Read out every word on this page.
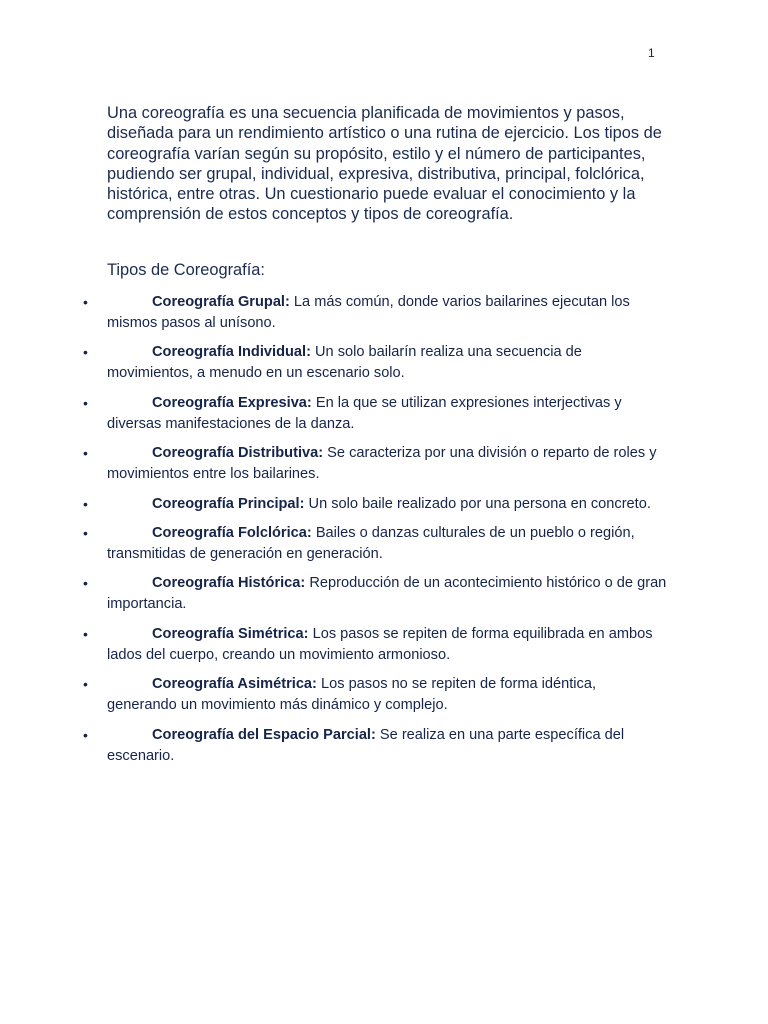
1

Una coreografía es una secuencia planificada de movimientos y pasos, diseñada para un rendimiento artístico o una rutina de ejercicio. Los tipos de coreografía varían según su propósito, estilo y el número de participantes, pudiendo ser grupal, individual, expresiva, distributiva, principal, folclórica, histórica, entre otras. Un cuestionario puede evaluar el conocimiento y la comprensión de estos conceptos y tipos de coreografía.

Tipos de Coreografía:
•	Coreografía Grupal: La más común, donde varios bailarines ejecutan los mismos pasos al unísono.
•	Coreografía Individual: Un solo bailarín realiza una secuencia de movimientos, a menudo en un escenario solo.
•	Coreografía Expresiva: En la que se utilizan expresiones interjectivas y diversas manifestaciones de la danza.
•	Coreografía Distributiva: Se caracteriza por una división o reparto de roles y movimientos entre los bailarines.
•	Coreografía Principal: Un solo baile realizado por una persona en concreto.
•	Coreografía Folclórica: Bailes o danzas culturales de un pueblo o región, transmitidas de generación en generación.
•	Coreografía Histórica: Reproducción de un acontecimiento histórico o de gran importancia.
•	Coreografía Simétrica: Los pasos se repiten de forma equilibrada en ambos lados del cuerpo, creando un movimiento armonioso.
•	Coreografía Asimétrica: Los pasos no se repiten de forma idéntica, generando un movimiento más dinámico y complejo.
•	Coreografía del Espacio Parcial: Se realiza en una parte específica del escenario.
